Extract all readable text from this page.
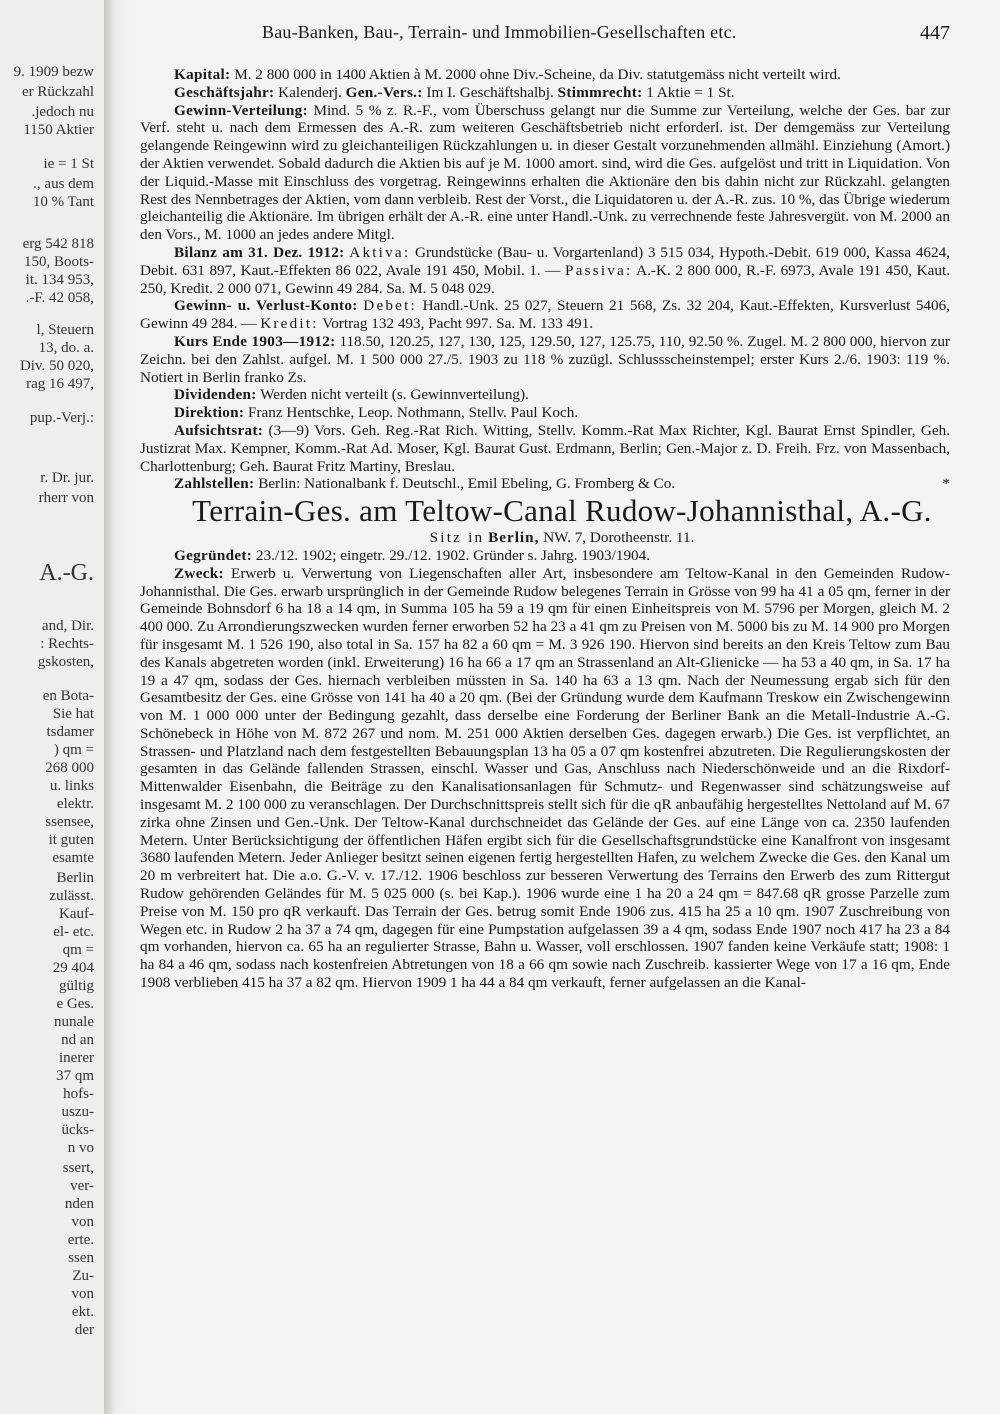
9. 1909 bezw
er Rückzahl
.jedoch nu
1150 Aktier
ie = 1 St
., aus dem
10 % Tant
erg 542 818
150, Boots-
it. 134 953,
.-F. 42 058,
l, Steuern
13, do. a.
Div. 50 020,
rag 16 497,
pup.-Verj.:
r. Dr. jur.
rherr von
A.-G.
and, Dir.
: Rechts-
gskosten,
en Bota-
Sie hat
tsdamer
) qm =
268 000
u. links
elektr.
ssensee,
it guten
esamte
Berlin
zulässt.
Kauf-
el- etc.
qm =
29 404
gültig
e Ges.
nunale
nd an
inerer
37 qm
hofs-
uszu-
ücks-
n vo
ssert,
ver-
nden
von
erte.
ssen
Zu-
von
ekt.
der
Bau-Banken, Bau-, Terrain- und Immobilien-Gesellschaften etc.	447

Kapital: M. 2 800 000 in 1400 Aktien à M. 2000 ohne Div.-Scheine, da Div. statutgemäss nicht verteilt wird.

Geschäftsjahr: Kalenderj. Gen.-Vers.: Im I. Geschäftshalbj. Stimmrecht: 1 Aktie = 1 St.

Gewinn-Verteilung: Mind. 5 % z. R.-F., vom Überschuss gelangt nur die Summe zur Verteilung, welche der Ges. bar zur Verf. steht u. nach dem Ermessen des A.-R. zum weiteren Geschäftsbetrieb nicht erforderl. ist. Der demgemäss zur Verteilung gelangende Reingewinn wird zu gleichanteiligen Rückzahlungen u. in dieser Gestalt vorzunehmenden allmähl. Einziehung (Amort.) der Aktien verwendet. Sobald dadurch die Aktien bis auf je M. 1000 amort. sind, wird die Ges. aufgelöst und tritt in Liquidation. Von der Liquid.-Masse mit Einschluss des vorgetrag. Reingewinns erhalten die Aktionäre den bis dahin nicht zur Rückzahl. gelangten Rest des Nennbetrages der Aktien, vom dann verbleib. Rest der Vorst., die Liquidatoren u. der A.-R. zus. 10 %, das Übrige wiederum gleichanteilig die Aktionäre. Im übrigen erhält der A.-R. eine unter Handl.-Unk. zu verrechnende feste Jahresvergüt. von M. 2000 an den Vors., M. 1000 an jedes andere Mitgl.

Bilanz am 31. Dez. 1912: Aktiva: Grundstücke (Bau- u. Vorgartenland) 3 515 034, Hypoth.-Debit. 619 000, Kassa 4624, Debit. 631 897, Kaut.-Effekten 86 022, Avale 191 450, Mobil. 1. — Passiva: A.-K. 2 800 000, R.-F. 6973, Avale 191 450, Kaut. 250, Kredit. 2 000 071, Gewinn 49 284. Sa. M. 5 048 029.

Gewinn- u. Verlust-Konto: Debet: Handl.-Unk. 25 027, Steuern 21 568, Zs. 32 204, Kaut.-Effekten, Kursverlust 5406, Gewinn 49 284. — Kredit: Vortrag 132 493, Pacht 997. Sa. M. 133 491.

Kurs Ende 1903—1912: 118.50, 120.25, 127, 130, 125, 129.50, 127, 125.75, 110, 92.50 %. Zugel. M. 2 800 000, hiervon zur Zeichn. bei den Zahlst. aufgel. M. 1 500 000 27./5. 1903 zu 118 % zuzügl. Schlussscheinstempel; erster Kurs 2./6. 1903: 119 %. Notiert in Berlin franko Zs.

Dividenden: Werden nicht verteilt (s. Gewinnverteilung).

Direktion: Franz Hentschke, Leop. Nothmann, Stellv. Paul Koch.

Aufsichtsrat: (3—9) Vors. Geh. Reg.-Rat Rich. Witting, Stellv. Komm.-Rat Max Richter, Kgl. Baurat Ernst Spindler, Geh. Justizrat Max. Kempner, Komm.-Rat Ad. Moser, Kgl. Baurat Gust. Erdmann, Berlin; Gen.-Major z. D. Freih. Frz. von Massenbach, Charlottenburg; Geh. Baurat Fritz Martiny, Breslau.

Zahlstellen: Berlin: Nationalbank f. Deutschl., Emil Ebeling, G. Fromberg & Co.	*

Terrain-Ges. am Teltow-Canal Rudow-Johannisthal, A.-G.

Sitz in Berlin, NW. 7, Dorotheenstr. 11.

Gegründet: 23./12. 1902; eingetr. 29./12. 1902. Gründer s. Jahrg. 1903/1904.

Zweck: Erwerb u. Verwertung von Liegenschaften aller Art, insbesondere am Teltow-Kanal in den Gemeinden Rudow-Johannisthal. Die Ges. erwarb ursprünglich in der Gemeinde Rudow belegenes Terrain in Grösse von 99 ha 41 a 05 qm, ferner in der Gemeinde Bohnsdorf 6 ha 18 a 14 qm, in Summa 105 ha 59 a 19 qm für einen Einheitspreis von M. 5796 per Morgen, gleich M. 2 400 000. Zu Arrondierungszwecken wurden ferner erworben 52 ha 23 a 41 qm zu Preisen von M. 5000 bis zu M. 14 900 pro Morgen für insgesamt M. 1 526 190, also total in Sa. 157 ha 82 a 60 qm = M. 3 926 190. Hiervon sind bereits an den Kreis Teltow zum Bau des Kanals abgetreten worden (inkl. Erweiterung) 16 ha 66 a 17 qm an Strassenland an Alt-Glienicke — ha 53 a 40 qm, in Sa. 17 ha 19 a 47 qm, sodass der Ges. hiernach verbleiben müssten in Sa. 140 ha 63 a 13 qm. Nach der Neumessung ergab sich für den Gesamtbesitz der Ges. eine Grösse von 141 ha 40 a 20 qm. (Bei der Gründung wurde dem Kaufmann Treskow ein Zwischengewinn von M. 1 000 000 unter der Bedingung gezahlt, dass derselbe eine Forderung der Berliner Bank an die Metall-Industrie A.-G. Schönebeck in Höhe von M. 872 267 und nom. M. 251 000 Aktien derselben Ges. dagegen erwarb.) Die Ges. ist verpflichtet, an Strassen- und Platzland nach dem festgestellten Bebauungsplan 13 ha 05 a 07 qm kostenfrei abzutreten. Die Regulierungskosten der gesamten in das Gelände fallenden Strassen, einschl. Wasser und Gas, Anschluss nach Niederschönweide und an die Rixdorf-Mittenwalder Eisenbahn, die Beiträge zu den Kanalisationsanlagen für Schmutz- und Regenwasser sind schätzungsweise auf insgesamt M. 2 100 000 zu veranschlagen. Der Durchschnittspreis stellt sich für die qR anbaufähig hergestelltes Nettoland auf M. 67 zirka ohne Zinsen und Gen.-Unk. Der Teltow-Kanal durchschneidet das Gelände der Ges. auf eine Länge von ca. 2350 laufenden Metern. Unter Berücksichtigung der öffentlichen Häfen ergibt sich für die Gesellschaftsgrundstücke eine Kanalfront von insgesamt 3680 laufenden Metern. Jeder Anlieger besitzt seinen eigenen fertig hergestellten Hafen, zu welchem Zwecke die Ges. den Kanal um 20 m verbreitert hat. Die a.o. G.-V. v. 17./12. 1906 beschloss zur besseren Verwertung des Terrains den Erwerb des zum Rittergut Rudow gehörenden Geländes für M. 5 025 000 (s. bei Kap.). 1906 wurde eine 1 ha 20 a 24 qm = 847.68 qR grosse Parzelle zum Preise von M. 150 pro qR verkauft. Das Terrain der Ges. betrug somit Ende 1906 zus. 415 ha 25 a 10 qm. 1907 Zuschreibung von Wegen etc. in Rudow 2 ha 37 a 74 qm, dagegen für eine Pumpstation aufgelassen 39 a 4 qm, sodass Ende 1907 noch 417 ha 23 a 84 qm vorhanden, hiervon ca. 65 ha an regulierter Strasse, Bahn u. Wasser, voll erschlossen. 1907 fanden keine Verkäufe statt; 1908: 1 ha 84 a 46 qm, sodass nach kostenfreien Abtretungen von 18 a 66 qm sowie nach Zuschreib. kassierter Wege von 17 a 16 qm, Ende 1908 verblieben 415 ha 37 a 82 qm. Hiervon 1909 1 ha 44 a 84 qm verkauft, ferner aufgelassen an die Kanal-
